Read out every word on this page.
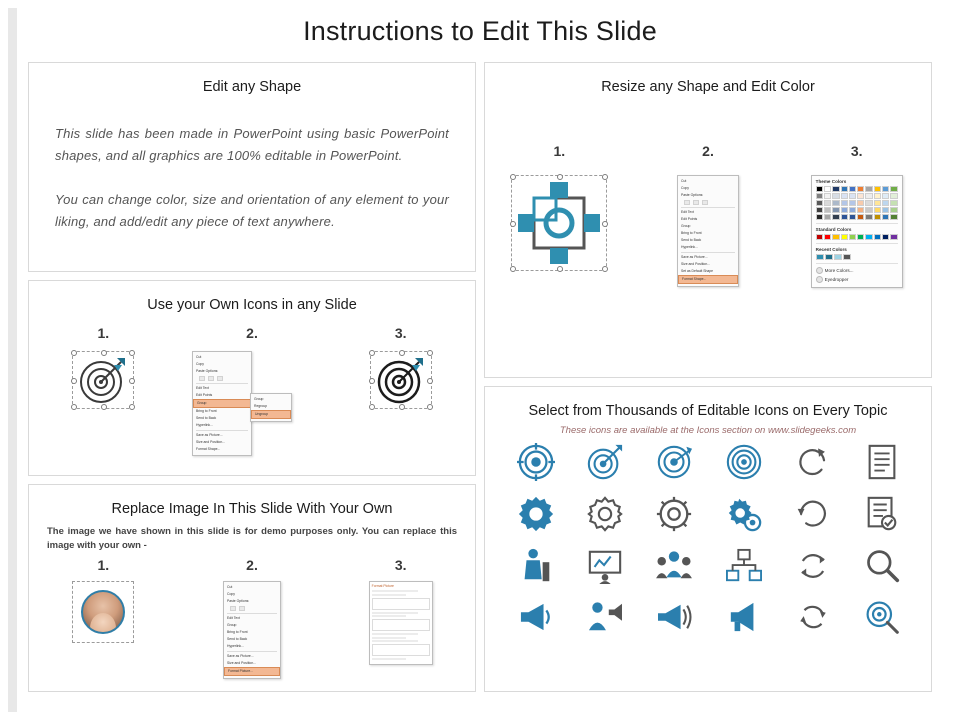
Instructions to Edit This Slide
Edit any Shape
This slide has been made in PowerPoint using basic PowerPoint shapes, and all graphics are 100% editable in PowerPoint.
You can change color, size and orientation of any element to your liking, and add/edit any piece of text anywhere.
Use your Own Icons in any Slide
1.	2.	3.
Cut
Copy
Paste Options:
Edit Text
Edit Points
Group
Bring to Front
Send to Back
Hyperlink...
Save as Picture...
Size and Position...
Format Shape...
Group
Regroup
Ungroup
Replace Image In This Slide With Your Own
The image we have shown in this slide is for demo purposes only. You can replace this image with your own -
1.	2.	3.
Cut
Copy
Paste Options:
Edit Text
Group
Bring to Front
Send to Back
Hyperlink...
Save as Picture...
Size and Position...
Format Picture...
Format Picture
Resize any Shape and Edit Color
1.	2.	3.
Cut
Copy
Paste Options:
Edit Text
Edit Points
Group
Bring to Front
Send to Back
Hyperlink...
Save as Picture...
Size and Position...
Set as Default Shape
Format Shape...
Theme Colors
Standard Colors
Recent Colors
More Colors...
Eyedropper
Select from Thousands of Editable Icons on Every Topic
These icons are available at the Icons section on www.slidegeeks.com
